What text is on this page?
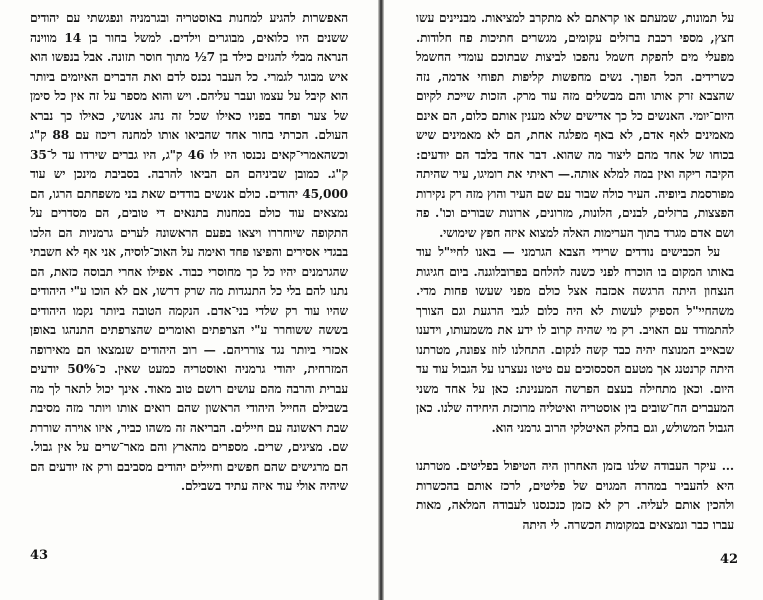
האפשרות להגיע למחנות באוסטריה ובגרמניה ונפגשתי עם יהודים ששנים היו כלואים, מבוגרים וילדים. למשל בחור בן 14 מווינה הנראה מבלי להגזים כילד בן 7½ מתוך חוסר תזונה. אבל בנפשו הוא איש מבוגר לגמרי. כל העבר נכנס לדם ואת הדברים האיומים ביותר הוא קיבל על עצמו ועבר עליהם. ויש והוא מספר על זה אין כל סימן של צער ופחד בפניו כאילו שכל זה נהג אנושי, כאילו כך נברא העולם. הכרתי בחור אחד שהביאו אותו למחנה ריכוז עם 88 ק"ג וכשהאמרי־קאים נכנסו היו לו 46 ק"ג, היו גברים שירדו עד ל־35 ק"ג. כמובן שביניהם הם הביאו להרבה. בסביבת מינכן יש עוד 45,000 יהודים. כולם אנשים בודדים שאת בני משפחתם הרגו, הם נמצאים עוד כולם במחנות בתנאים די טובים, הם מסדרים על התקופה שיוחררו ויצאו בפעם הראשונה לערים גרמניות הם הלכו בבגדי אסירים והפיצו פחד ואימה על האוכ־לוסיה, אני אף לא חשבתי שהגרמנים יהיו כל כך מחוסרי כבוד. אפילו אחרי תבוסה כזאת, הם נתנו להם בלי כל התנגדות מה שרק דרשו, אם לא הוכו ע"י היהודים שהיו עוד רק שלדי בני־אדם. הנקמה הטובה ביותר נקמו היהודים בששה ששוחרר ע"י הצרפתים ואומרים שהצרפתים התנהגו באופן אכזרי ביותר נגד צורריהם. — רוב היהודים שנמצאו הם מאירופה המזרחית, יהודי גרמניה ואוסטריה כמעט שאין. כ־50% יודעים עברית והרבה מהם עושים רושם טוב מאוד. אינך יכול לתאר לך מה בשבילם החייל היהודי הראשון שהם רואים אותו ויותר מזה מסיבת שבת ראשונה עם חיילים. הבריאה זה משהו כביר, איזו אוירה שוררת שם. מציגים, שרים. מספרים מהארץ והם מאר־שרים על אין גבול. הם מרגישים שהם חפשים וחיילים יהודים מסביבם ורק אז יודעים הם שיהיה אולי עוד איזה עתיד בשבילם.
43
על תמונות, שמעתם או קראתם לא מתקרב למציאות. מבניינים עשו חצץ, מספי רכבת ברזלים עקומים, מגשרים חתיכות פח חלודות. מפעלי מים להפקת חשמל נהפכו לביצות שבתוכם עומדי החשמל כשרידים. הכל הפוך. נשים מחפשות קליפות תפוחי אדמה, נזה שהצבא זרק אותו והם מבשלים מזה עוד מרק. הזכות שייכת לקיום היום־יומי. האנשים כל כך אדישים שלא מענין אותם כלום, הם אינם מאמינים לאף אדם, לא באף מפלגה אחת, הם לא מאמינים שיש בכוחו של אחד מהם ליצור מה שהוא. דבר אחד בלבד הם יודעים: הקיבה ריקה ואין במה למלא אותה.— ראיתי את רומיגו, עיר שהיתה מפורסמת ביופיה. העיר כולה שבור עם שם העיר והוץ מזה רק נקירות הפצצות, ברזלים, לבנים, הלונות, מזרונים, ארונות שבורים וכו'. פה ושם אדם מגרד בתוך הערימות האלה למצוא איזה חפץ שימושי.
על הכבישים נודדים שרידי הצבא הגרמני — באנו לחיי"ל עוד באותו המקום בו הוכרח לפני כשנה להלחם בפרובלוגנה. ביום חגיגות הנצחון היתה הרגשה אכזבה אצל כולם מפני שעשו פחות מדי. משהחיי"ל הספיק לעשות לא היה כלום לגבי הרגעת וגם הצורך להתמודד עם האויב. רק מי שהיה קרוב לו ידע את משמעותו, וידענו שבאייב המנוצח יהיה כבד קשה לנקום. התחלנו לזוז צפונה, מטרתנו היתה קרנטנג אך מטעם הסכסוכים עם טיטו נעצרנו על הגבול עוד עד היום. וכאן מתחילה בעצם הפרשה המענינת: כאן על אחד משני המעברים הח־שובים בין אוסטריה ואיטליה מרוכזת היחידה שלנו. כאן הגבול המשולש, וגם בחלק האיטלקי הרוב גרמני הוא.
... עיקר העבודה שלנו בזמן האחרון היה הטיפול בפליטים. מטרתנו היא להעביר במהרה המגוים של פליטים, לרכז אותם בהכשרות ולהכין אותם לעליה. רק לא כזמן כנכנסנו לעבודה המלאה, מאות עברו כבר ונמצאים במקומות הכשרה. לי היתה
42
